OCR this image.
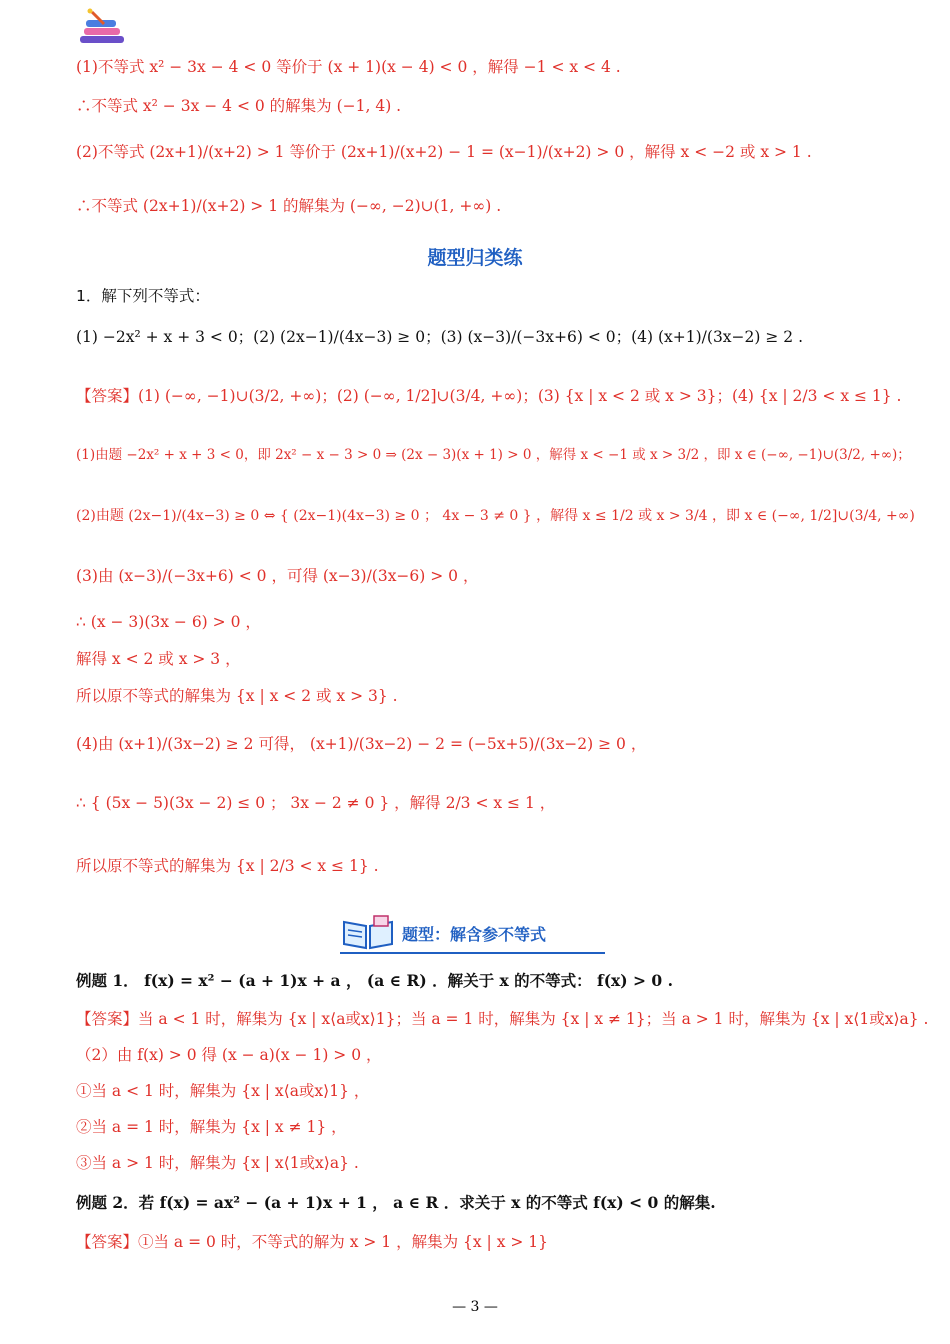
(1)不等式 x² − 3x − 4 < 0 等价于 (x + 1)(x − 4) < 0 ，解得 −1 < x < 4 .
∴不等式 x² − 3x − 4 < 0 的解集为 (−1, 4) .
(2)不等式 (2x+1)/(x+2) > 1 等价于 (2x+1)/(x+2) − 1 = (x−1)/(x+2) > 0 ，解得 x < −2 或 x > 1 .
∴不等式 (2x+1)/(x+2) > 1 的解集为 (−∞, −2)∪(1, +∞) .
1．解下列不等式：
(1) −2x² + x + 3 < 0；(2) (2x−1)/(4x−3) ≥ 0；(3) (x−3)/(−3x+6) < 0；(4) (x+1)/(3x−2) ≥ 2 .
【答案】(1) (−∞, −1)∪(3/2, +∞)；(2) (−∞, 1/2]∪(3/4, +∞)；(3) {x | x < 2 或 x > 3}；(4) {x | 2/3 < x ≤ 1} .
(1)由题 −2x² + x + 3 < 0，即 2x² − x − 3 > 0 ⇒ (2x − 3)(x + 1) > 0 ，解得 x < −1 或 x > 3/2 ，即 x ∈ (−∞, −1)∪(3/2, +∞)；
(2)由题 (2x−1)/(4x−3) ≥ 0 ⇔ { (2x−1)(4x−3) ≥ 0 ； 4x − 3 ≠ 0 } ，解得 x ≤ 1/2 或 x > 3/4 ，即 x ∈ (−∞, 1/2]∪(3/4, +∞)
(3)由 (x−3)/(−3x+6) < 0 ，可得 (x−3)/(3x−6) > 0 ，
∴ (x − 3)(3x − 6) > 0 ，
解得 x < 2 或 x > 3 ，
所以原不等式的解集为 {x | x < 2 或 x > 3} .
(4)由 (x+1)/(3x−2) ≥ 2 可得， (x+1)/(3x−2) − 2 = (−5x+5)/(3x−2) ≥ 0 ，
∴ { (5x − 5)(3x − 2) ≤ 0 ； 3x − 2 ≠ 0 } ，解得 2/3 < x ≤ 1 ，
所以原不等式的解集为 {x | 2/3 < x ≤ 1} .
例题 1． f(x) = x² − (a + 1)x + a ， (a ∈ R) ．解关于 x 的不等式： f(x) > 0 .
【答案】当 a < 1 时，解集为 {x | x⟨a或x⟩1}；当 a = 1 时，解集为 {x | x ≠ 1}；当 a > 1 时，解集为 {x | x⟨1或x⟩a} .
（2）由 f(x) > 0 得 (x − a)(x − 1) > 0 ，
①当 a < 1 时，解集为 {x | x⟨a或x⟩1} ，
②当 a = 1 时，解集为 {x | x ≠ 1} ，
③当 a > 1 时，解集为 {x | x⟨1或x⟩a} .
例题 2．若 f(x) = ax² − (a + 1)x + 1 ， a ∈ R ．求关于 x 的不等式 f(x) < 0 的解集.
【答案】①当 a = 0 时，不等式的解为 x > 1 ，解集为 {x | x > 1}
题型归类练
题型：解含参不等式
— 3 —
